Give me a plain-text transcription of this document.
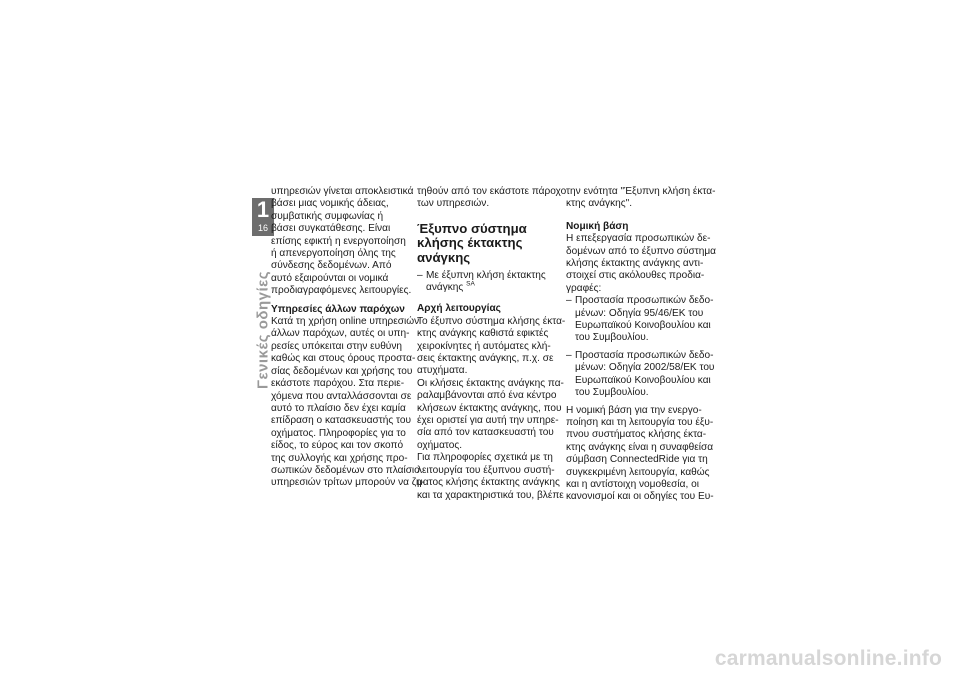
1
16
Γενικές οδηγίες
υπηρεσιών γίνεται αποκλειστικά
βάσει μιας νομικής άδειας,
συμβατικής συμφωνίας ή
βάσει συγκατάθεσης. Είναι
επίσης εφικτή η ενεργοποίηση
ή απενεργοποίηση όλης της
σύνδεσης δεδομένων. Από
αυτό εξαιρούνται οι νομικά
προδιαγραφόμενες λειτουργίες.
Υπηρεσίες άλλων παρόχων
Κατά τη χρήση online υπηρεσιών
άλλων παρόχων, αυτές οι υπη-
ρεσίες υπόκειται στην ευθύνη
καθώς και στους όρους προστα-
σίας δεδομένων και χρήσης του
εκάστοτε παρόχου. Στα περιε-
χόμενα που ανταλλάσσονται σε
αυτό το πλαίσιο δεν έχει καμία
επίδραση ο κατασκευαστής του
οχήματος. Πληροφορίες για το
είδος, το εύρος και τον σκοπό
της συλλογής και χρήσης προ-
σωπικών δεδομένων στο πλαίσιο
υπηρεσιών τρίτων μπορούν να ζη-
τηθούν από τον εκάστοτε πάροχο
των υπηρεσιών.
Έξυπνο σύστημα
κλήσης έκτακτης
ανάγκης
– Με έξυπνη κλήση έκτακτης
ανάγκης $^{SA}$
Αρχή λειτουργίας
Το έξυπνο σύστημα κλήσης έκτα-
κτης ανάγκης καθιστά εφικτές
χειροκίνητες ή αυτόματες κλή-
σεις έκτακτης ανάγκης, π.χ. σε
ατυχήματα.
Οι κλήσεις έκτακτης ανάγκης πα-
ραλαμβάνονται από ένα κέντρο
κλήσεων έκτακτης ανάγκης, που
έχει οριστεί για αυτή την υπηρε-
σία από τον κατασκευαστή του
οχήματος.
Για πληροφορίες σχετικά με τη
λειτουργία του έξυπνου συστή-
ματος κλήσης έκτακτης ανάγκης
και τα χαρακτηριστικά του, βλέπε
την ενότητα "Έξυπνη κλήση έκτα-
κτης ανάγκης".
Νομική βάση
Η επεξεργασία προσωπικών δε-
δομένων από το έξυπνο σύστημα
κλήσης έκτακτης ανάγκης αντι-
στοιχεί στις ακόλουθες προδια-
γραφές:
– Προστασία προσωπικών δεδο-
μένων: Οδηγία 95/46/ΕΚ του
Ευρωπαϊκού Κοινοβουλίου και
του Συμβουλίου.
– Προστασία προσωπικών δεδο-
μένων: Οδηγία 2002/58/ΕΚ του
Ευρωπαϊκού Κοινοβουλίου και
του Συμβουλίου.
Η νομική βάση για την ενεργο-
ποίηση και τη λειτουργία του έξυ-
πνου συστήματος κλήσης έκτα-
κτης ανάγκης είναι η συναφθείσα
σύμβαση ConnectedRide για τη
συγκεκριμένη λειτουργία, καθώς
και η αντίστοιχη νομοθεσία, οι
κανονισμοί και οι οδηγίες του Ευ-
carmanualsonline.info
